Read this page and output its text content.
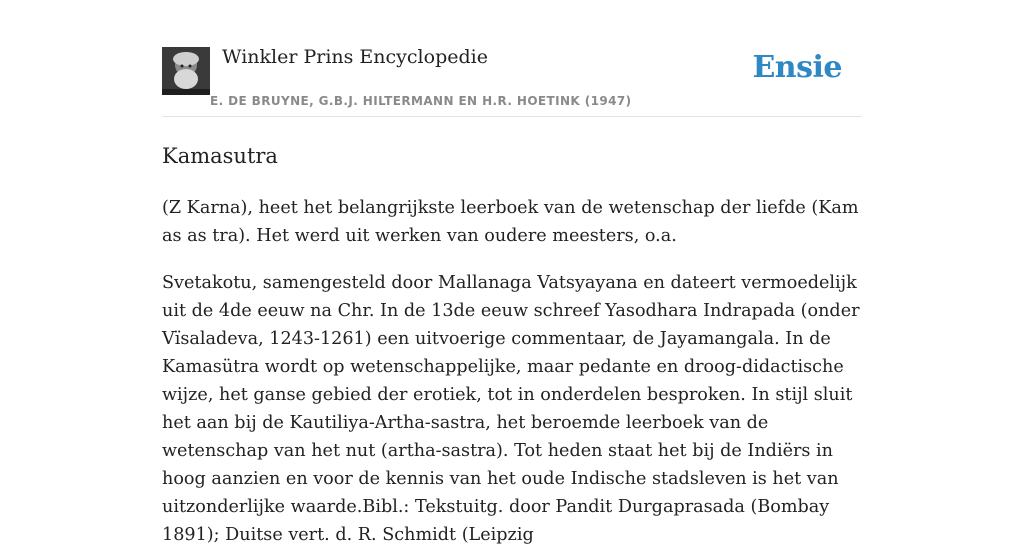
Winkler Prins Encyclopedie
E. DE BRUYNE, G.B.J. HILTERMANN EN H.R. HOETINK (1947)
Ensie
Kamasutra

(Z Karna), heet het belangrijkste leerboek van de wetenschap der liefde (Kam as as tra). Het werd uit werken van oudere meesters, o.a.

Svetakotu, samengesteld door Mallanaga Vatsyayana en dateert vermoedelijk uit de 4de eeuw na Chr. In de 13de eeuw schreef Yasodhara Indrapada (onder Vïsaladeva, 1243-1261) een uitvoerige commentaar, de Jayamangala. In de Kamasütra wordt op wetenschappelijke, maar pedante en droog-didactische wijze, het ganse gebied der erotiek, tot in onderdelen besproken. In stijl sluit het aan bij de Kautiliya-Artha-sastra, het beroemde leerboek van de wetenschap van het nut (artha-sastra). Tot heden staat het bij de Indiërs in hoog aanzien en voor de kennis van het oude Indische stadsleven is het van uitzonderlijke waarde.Bibl.: Tekstuitg. door Pandit Durgaprasada (Bombay 1891); Duitse vert. d. R. Schmidt (Leipzig
